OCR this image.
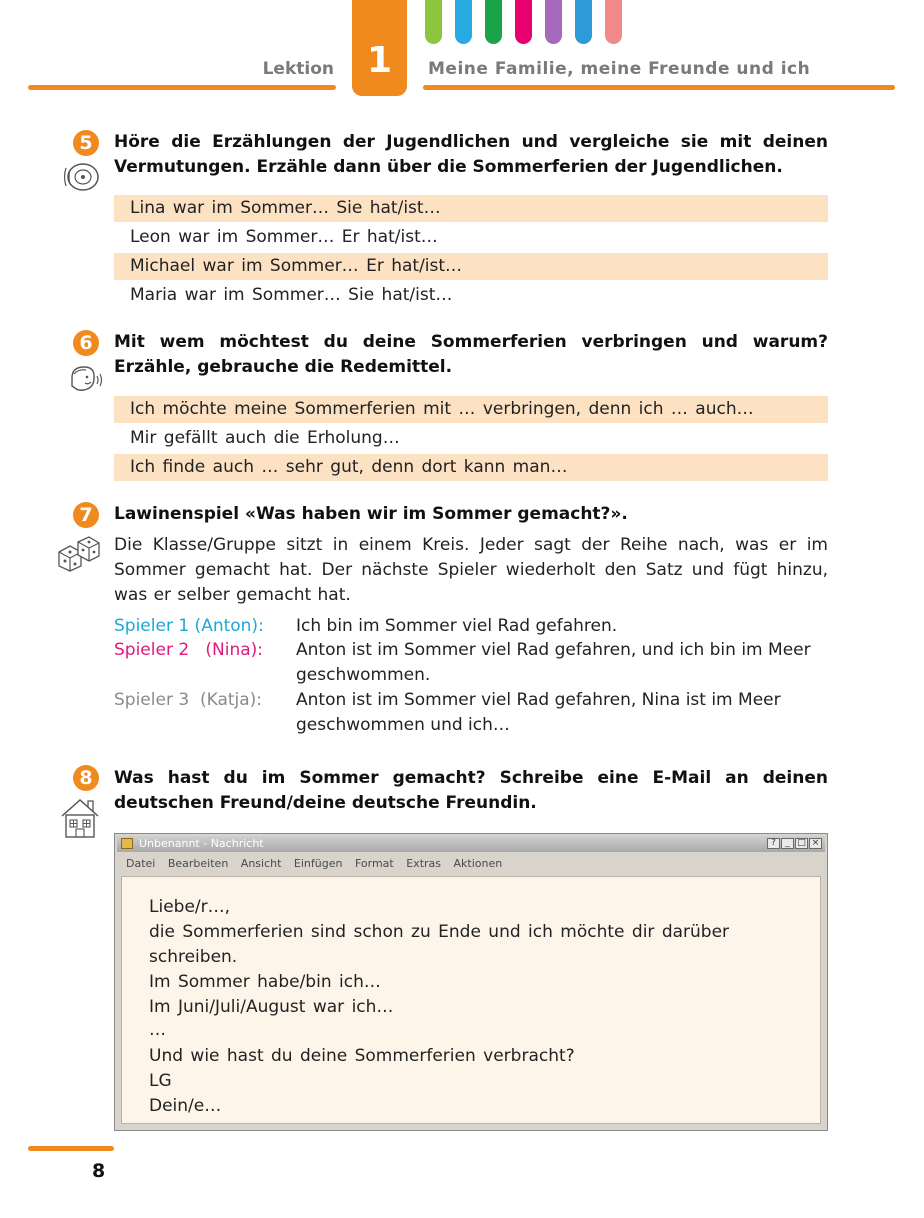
Lektion 1	Meine Familie, meine Freunde und ich
5	Höre die Erzählungen der Jugendlichen und vergleiche sie mit deinen Vermutungen. Erzähle dann über die Sommerferien der Jugendlichen.
Lina war im Sommer… Sie hat/ist…
Leon war im Sommer… Er hat/ist…
Michael war im Sommer… Er hat/ist…
Maria war im Sommer… Sie hat/ist…
6	Mit wem möchtest du deine Sommerferien verbringen und warum? Erzähle, gebrauche die Redemittel.
Ich möchte meine Sommerferien mit … verbringen, denn ich … auch…
Mir gefällt auch die Erholung…
Ich finde auch … sehr gut, denn dort kann man…
7	Lawinenspiel «Was haben wir im Sommer gemacht?».
Die Klasse/Gruppe sitzt in einem Kreis. Jeder sagt der Reihe nach, was er im Sommer gemacht hat. Der nächste Spieler wiederholt den Satz und fügt hinzu, was er selber gemacht hat.
Spieler 1 (Anton): Ich bin im Sommer viel Rad gefahren.
Spieler 2   (Nina): Anton ist im Sommer viel Rad gefahren, und ich bin im Meer geschwommen.
Spieler 3  (Katja): Anton ist im Sommer viel Rad gefahren, Nina ist im Meer geschwommen und ich…
8	Was hast du im Sommer gemacht? Schreibe eine E-Mail an deinen deutschen Freund/deine deutsche Freundin.
Unbenannt - Nachricht	? _ □ ×
Datei Bearbeiten Ansicht Einfügen Format Extras Aktionen
Liebe/r…,
die Sommerferien sind schon zu Ende und ich möchte dir darüber
schreiben.
Im Sommer habe/bin ich…
Im Juni/Juli/August war ich…
…
Und wie hast du deine Sommerferien verbracht?
LG
Dein/e…
8
